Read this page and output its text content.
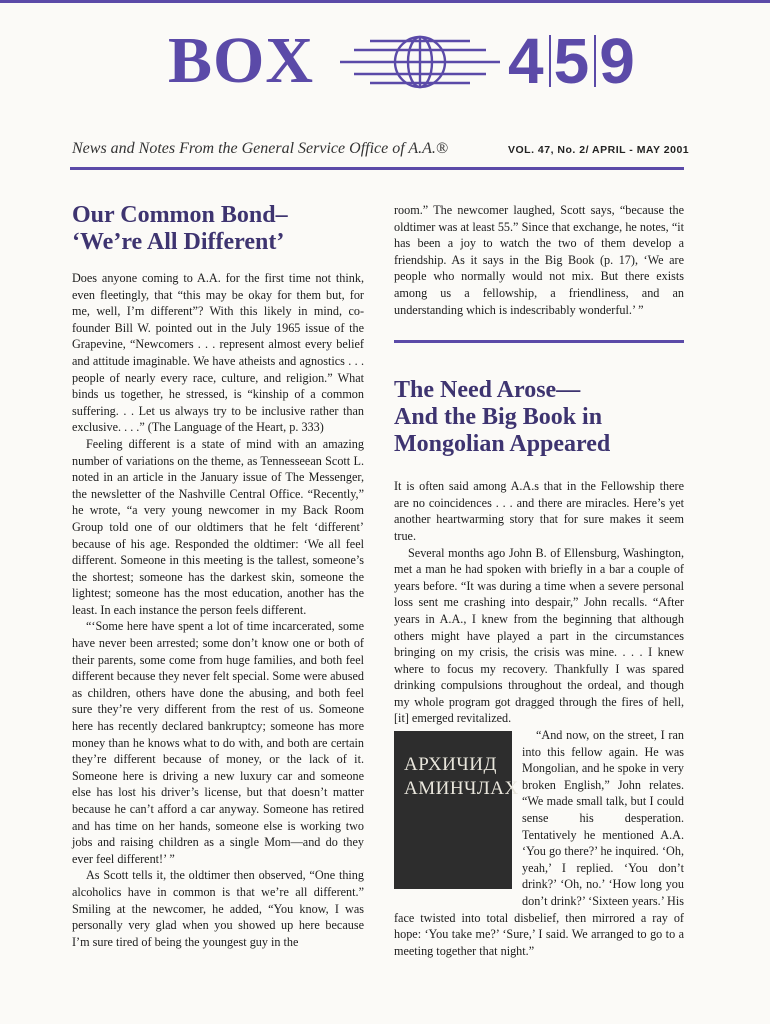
BOX	4 5 9
News and Notes From the General Service Office of A.A.®	VOL. 47, No. 2/ APRIL - MAY 2001
Our Common Bond–
‘We’re All Different’

Does anyone coming to A.A. for the first time not think, even fleetingly, that “this may be okay for them but, for me, well, I’m different”? With this likely in mind, co-founder Bill W. pointed out in the July 1965 issue of the Grapevine, “Newcomers . . . represent almost every belief and attitude imaginable. We have atheists and agnostics . . . people of nearly every race, culture, and religion.” What binds us together, he stressed, is “kinship of a common suffering. . . Let us always try to be inclusive rather than exclusive. . . .” (The Language of the Heart, p. 333)

Feeling different is a state of mind with an amazing number of variations on the theme, as Tennesseean Scott L. noted in an article in the January issue of The Messenger, the newsletter of the Nashville Central Office. “Recently,” he wrote, “a very young newcomer in my Back Room Group told one of our oldtimers that he felt ‘different’ because of his age. Responded the oldtimer: ‘We all feel different. Someone in this meeting is the tallest, someone’s the shortest; someone has the darkest skin, someone the lightest; someone has the most education, another has the least. In each instance the person feels different.

“‘Some here have spent a lot of time incarcerated, some have never been arrested; some don’t know one or both of their parents, some come from huge families, and both feel different because they never felt special. Some were abused as children, others have done the abusing, and both feel sure they’re very different from the rest of us. Someone here has recently declared bankruptcy; someone has more money than he knows what to do with, and both are certain they’re different because of money, or the lack of it. Someone here is driving a new luxury car and someone else has lost his driver’s license, but that doesn’t matter because he can’t afford a car anyway. Someone has retired and has time on her hands, someone else is working two jobs and raising children as a single Mom—and do they ever feel different!’ ”

As Scott tells it, the oldtimer then observed, “One thing alcoholics have in common is that we’re all different.” Smiling at the newcomer, he added, “You know, I was personally very glad when you showed up here because I’m sure tired of being the youngest guy in the

room.” The newcomer laughed, Scott says, “because the oldtimer was at least 55.” Since that exchange, he notes, “it has been a joy to watch the two of them develop a friendship. As it says in the Big Book (p. 17), ‘We are people who normally would not mix. But there exists among us a fellowship, a friendliness, and an understanding which is indescribably wonderful.’ ”

The Need Arose—
And the Big Book in
Mongolian Appeared

It is often said among A.A.s that in the Fellowship there are no coincidences . . . and there are miracles. Here’s yet another heartwarming story that for sure makes it seem true.

Several months ago John B. of Ellensburg, Washington, met a man he had spoken with briefly in a bar a couple of years before. “It was during a time when a severe personal loss sent me crashing into despair,” John recalls. “After years in A.A., I knew from the beginning that although others might have played a part in the circumstances bringing on my crisis, the crisis was mine. . . . I knew where to focus my recovery. Thankfully I was spared drinking compulsions throughout the ordeal, and though my whole program got dragged through the fires of hell, [it] emerged revitalized.

АРХИЧИД
АМИНЧЛАХ

“And now, on the street, I ran into this fellow again. He was Mongolian, and he spoke in very broken English,” John relates. “We made small talk, but I could sense his desperation. Tentatively he mentioned A.A. ‘You go there?’ he inquired. ‘Oh, yeah,’ I replied. ‘You don’t drink?’ ‘Oh, no.’ ‘How long you don’t drink?’ ‘Sixteen years.’ His face twisted into total disbelief, then mirrored a ray of hope: ‘You take me?’ ‘Sure,’ I said. We arranged to go to a meeting together that night.”
